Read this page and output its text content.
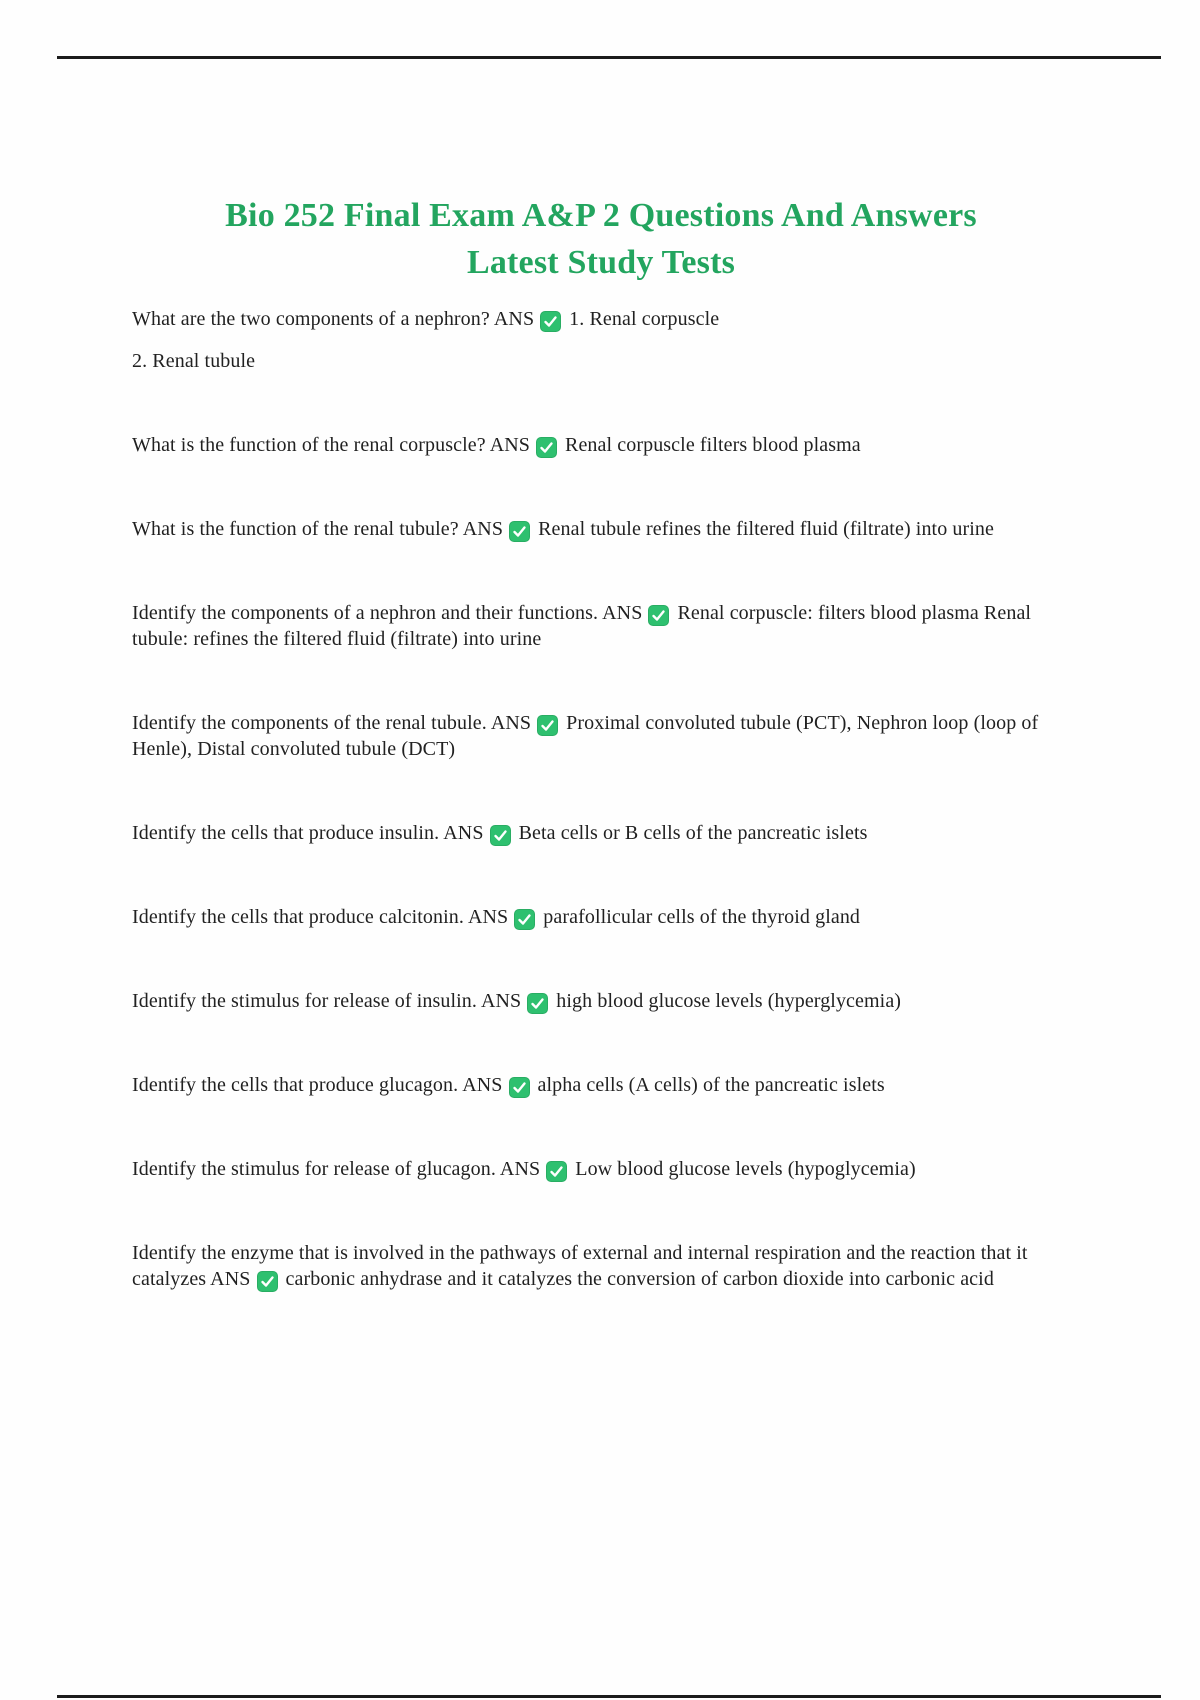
Bio 252 Final Exam A&P 2 Questions And Answers
Latest Study Tests

What are the two components of a nephron? ANS 1. Renal corpuscle

2. Renal tubule

What is the function of the renal corpuscle? ANS Renal corpuscle filters blood plasma

What is the function of the renal tubule? ANS Renal tubule refines the filtered fluid (filtrate) into urine

Identify the components of a nephron and their functions. ANS Renal corpuscle: filters blood plasma Renal tubule: refines the filtered fluid (filtrate) into urine

Identify the components of the renal tubule. ANS Proximal convoluted tubule (PCT), Nephron loop (loop of Henle), Distal convoluted tubule (DCT)

Identify the cells that produce insulin. ANS Beta cells or B cells of the pancreatic islets

Identify the cells that produce calcitonin. ANS parafollicular cells of the thyroid gland

Identify the stimulus for release of insulin. ANS high blood glucose levels (hyperglycemia)

Identify the cells that produce glucagon. ANS alpha cells (A cells) of the pancreatic islets

Identify the stimulus for release of glucagon. ANS Low blood glucose levels (hypoglycemia)

Identify the enzyme that is involved in the pathways of external and internal respiration and the reaction that it catalyzes ANS carbonic anhydrase and it catalyzes the conversion of carbon dioxide into carbonic acid
